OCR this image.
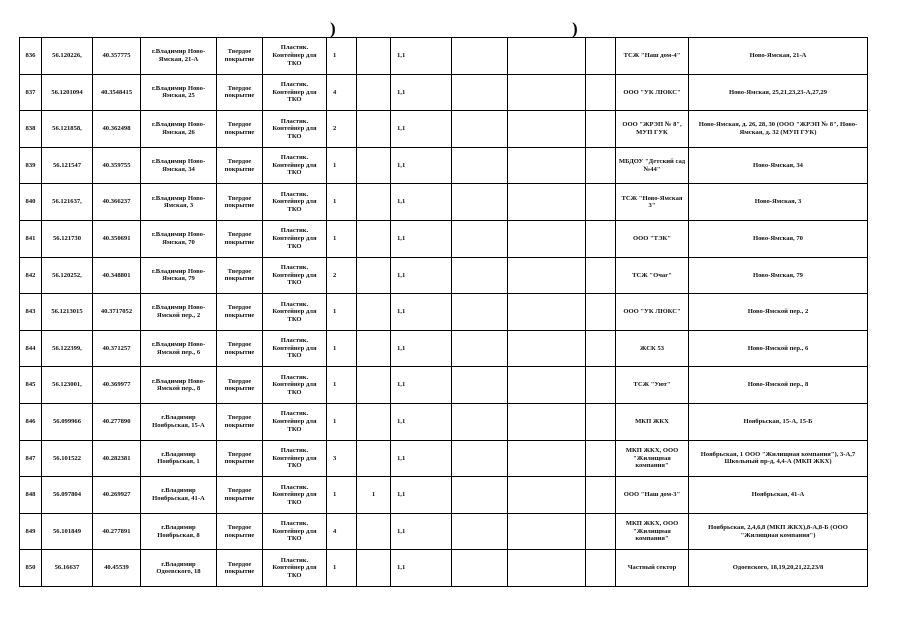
)	)
836	56.120226,	40.357775	г.Владимир Ново-Ямская, 21-А	Твердое покрытие	Пластик. Контейнер для ТКО	1		1,1				ТСЖ "Наш дом-4"	Ново-Ямская, 21-А
837	56.1201094	40.3548415	г.Владимир Ново-Ямская, 25	Твердое покрытие	Пластик. Контейнер для ТКО	4		1,1				ООО "УК ЛЮКС"	Ново-Ямская, 25,21,23,23-А,27,29
838	56.121858,	40.362498	г.Владимир Ново-Ямская, 26	Твердое покрытие	Пластик. Контейнер для ТКО	2		1,1				ООО "ЖРЭП № 8", МУП ГУК	Ново-Ямская, д. 26, 28, 30 (ООО "ЖРЭП № 8", Ново-Ямская, д. 32 (МУП ГУК)
839	56.121547	40.359755	г.Владимир Ново-Ямская, 34	Твердое покрытие	Пластик. Контейнер для ТКО	1		1,1				МБДОУ "Детский сад №44"	Ново-Ямская, 34
840	56.121637,	40.366237	г.Владимир Ново-Ямская, 3	Твердое покрытие	Пластик. Контейнер для ТКО	1		1,1				ТСЖ "Ново-Ямская 3"	Ново-Ямская, 3
841	56.121730	40.350691	г.Владимир Ново-Ямская, 70	Твердое покрытие	Пластик. Контейнер для ТКО	1		1,1				ООО "ТЭК"	Ново-Ямская, 70
842	56.120252,	40.348801	г.Владимир Ново-Ямская, 79	Твердое покрытие	Пластик. Контейнер для ТКО	2		1,1				ТСЖ "Очаг"	Ново-Ямская, 79
843	56.1213015	40.3717052	г.Владимир Ново-Ямской пер., 2	Твердое покрытие	Пластик. Контейнер для ТКО	1		1,1				ООО "УК ЛЮКС"	Ново-Ямской пер., 2
844	56.122399,	40.371257	г.Владимир Ново-Ямской пер., 6	Твердое покрытие	Пластик. Контейнер для ТКО	1		1,1				ЖСК 53	Ново-Ямской пер., 6
845	56.123001,	40.369977	г.Владимир Ново-Ямской пер., 8	Твердое покрытие	Пластик. Контейнер для ТКО	1		1,1				ТСЖ "Уют"	Ново-Ямской пер., 8
846	56.099966	40.277890	г.Владимир Ноябрьская, 15-А	Твердое покрытие	Пластик. Контейнер для ТКО	1		1,1				МКП ЖКХ	Ноябрьская, 15-А, 15-Б
847	56.101522	40.282381	г.Владимир Ноябрьская, 1	Твердое покрытие	Пластик. Контейнер для ТКО	3		1,1				МКП ЖКХ, ООО "Жилищная компания"	Ноябрьская, 1 ООО "Жилищная компания"), 3-А,7 Школьный пр-д, 4,4-А (МКП ЖКХ)
848	56.097804	40.269927	г.Владимир Ноябрьская, 41-А	Твердое покрытие	Пластик. Контейнер для ТКО	1	1	1,1				ООО "Наш дом-3"	Ноябрьская, 41-А
849	56.101849	40.277891	г.Владимир Ноябрьская, 8	Твердое покрытие	Пластик. Контейнер для ТКО	4		1,1				МКП ЖКХ, ООО "Жилищная компания"	Ноябрьская, 2,4,6,8 (МКП ЖКХ),8-А,8-Б (ООО "Жилищная компания")
850	56.16637	40.45539	г.Владимир Одоевского, 18	Твердое покрытие	Пластик. Контейнер для ТКО	1		1,1				Частный сектор	Одоевского, 18,19,20,21,22,23/8
